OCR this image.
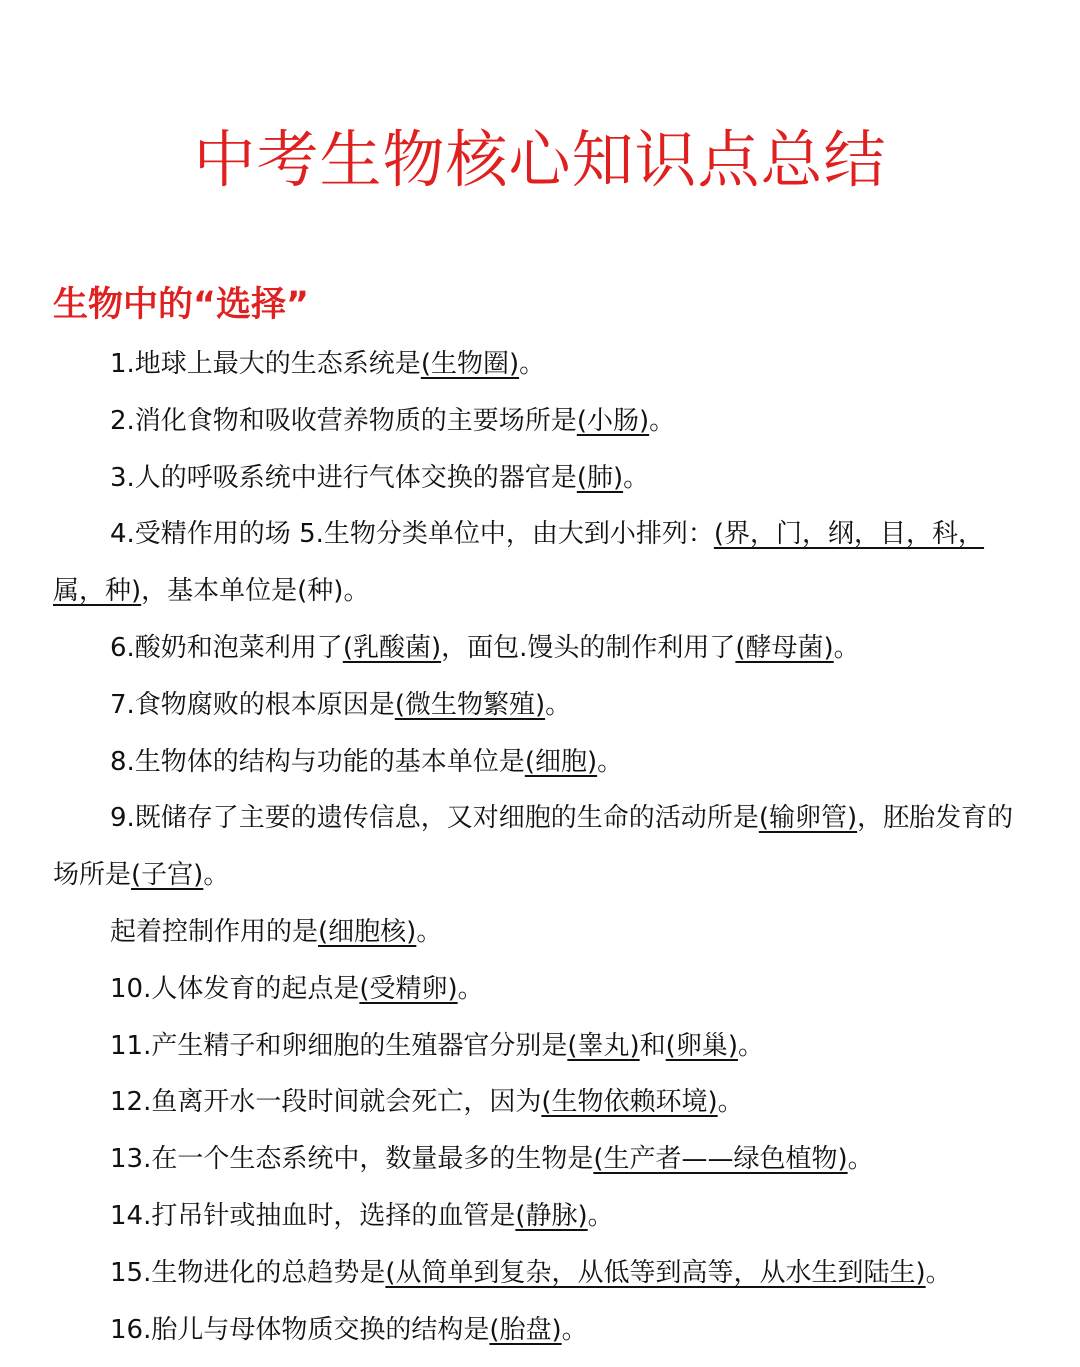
中考生物核心知识点总结
生物中的“选择”

1.地球上最大的生态系统是(生物圈)。

2.消化食物和吸收营养物质的主要场所是(小肠)。

3.人的呼吸系统中进行气体交换的器官是(肺)。

4.受精作用的场 5.生物分类单位中，由大到小排列：(界，门，纲，目，科，属，种)，基本单位是(种)。

6.酸奶和泡菜利用了(乳酸菌)，面包.馒头的制作利用了(酵母菌)。

7.食物腐败的根本原因是(微生物繁殖)。

8.生物体的结构与功能的基本单位是(细胞)。

9.既储存了主要的遗传信息，又对细胞的生命的活动所是(输卵管)，胚胎发育的场所是(子宫)。

起着控制作用的是(细胞核)。

10.人体发育的起点是(受精卵)。

11.产生精子和卵细胞的生殖器官分别是(睾丸)和(卵巢)。

12.鱼离开水一段时间就会死亡，因为(生物依赖环境)。

13.在一个生态系统中，数量最多的生物是(生产者——绿色植物)。

14.打吊针或抽血时，选择的血管是(静脉)。

15.生物进化的总趋势是(从简单到复杂，从低等到高等，从水生到陆生)。

16.胎儿与母体物质交换的结构是(胎盘)。
